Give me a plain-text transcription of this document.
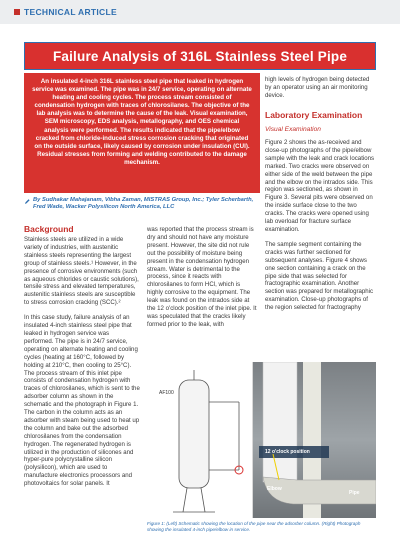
TECHNICAL ARTICLE
Failure Analysis of 316L Stainless Steel Pipe
An insulated 4-inch 316L stainless steel pipe that leaked in hydrogen service was examined. The pipe was in 24/7 service, operating on alternate heating and cooling cycles. The process stream consisted of condensation hydrogen with traces of chlorosilanes. The objective of the lab analysis was to determine the cause of the leak. Visual examination, SEM microscopy, EDS analysis, metallography, and OES chemical analysis were performed. The results indicated that the pipe/elbow cracked from chloride-induced stress corrosion cracking that originated on the outside surface, likely caused by corrosion under insulation (CUI). Residual stresses from forming and welding contributed to the damage mechanism.
By Sudhakar Mahajanam, Vibha Zaman, MISTRAS Group, Inc.; Tyler Scherbarth, Fred Wade, Wacker Polysilicon North America, LLC
Background

Stainless steels are utilized in a wide variety of industries, with austenitic stainless steels representing the largest group of stainless steels.¹ However, in the presence of corrosive environments (such as aqueous chlorides or caustic solutions), tensile stress and elevated temperatures, austenitic stainless steels are susceptible to stress corrosion cracking (SCC).²

In this case study, failure analysis of an insulated 4-inch stainless steel pipe that leaked in hydrogen service was performed. The pipe is in 24/7 service, operating on alternate heating and cooling cycles (heating at 160°C, followed by holding at 210°C, then cooling to 25°C). The process stream of this inlet pipe consists of condensation hydrogen with traces of chlorosilanes, which is sent to the adsorber column as shown in the schematic and the photograph in Figure 1. The carbon in the column acts as an adsorber with steam being used to heat up the column and bake out the adsorbed chlorosilanes from the condensation hydrogen. The regenerated hydrogen is utilized in the production of silicones and hyper-pure polycrystalline silicon (polysilicon), which are used to manufacture electronics processors and photovoltaics for solar panels. It

was reported that the process stream is dry and should not have any moisture present. However, the site did not rule out the possibility of moisture being present in the condensation hydrogen stream. Water is detrimental to the process, since it reacts with chlorosilanes to form HCl, which is highly corrosive to the equipment. The leak was found on the intrados side at the 12 o'clock position of the inlet pipe. It was speculated that the cracks likely formed prior to the leak, with

high levels of hydrogen being detected by an operator using an air monitoring device.

Laboratory Examination
Visual Examination

Figure 2 shows the as-received and close-up photographs of the pipe/elbow sample with the leak and crack locations marked. Two cracks were observed on either side of the weld between the pipe and the elbow on the intrados side. This region was sectioned, as shown in Figure 3. Several pits were observed on the inside surface close to the two cracks. The cracks were opened using lab overload for fracture surface examination.

The sample segment containing the cracks was further sectioned for subsequent analyses. Figure 4 shows one section containing a crack on the pipe side that was selected for fractographic examination. Another section was prepared for metallographic examination. Close-up photographs of the region selected for fractography

AF100
12 o'clock position
Elbow
Pipe
Figure 1: (Left) Schematic showing the location of the pipe near the adsorber column. (Right) Photograph showing the insulated 4-inch pipe/elbow in service.
